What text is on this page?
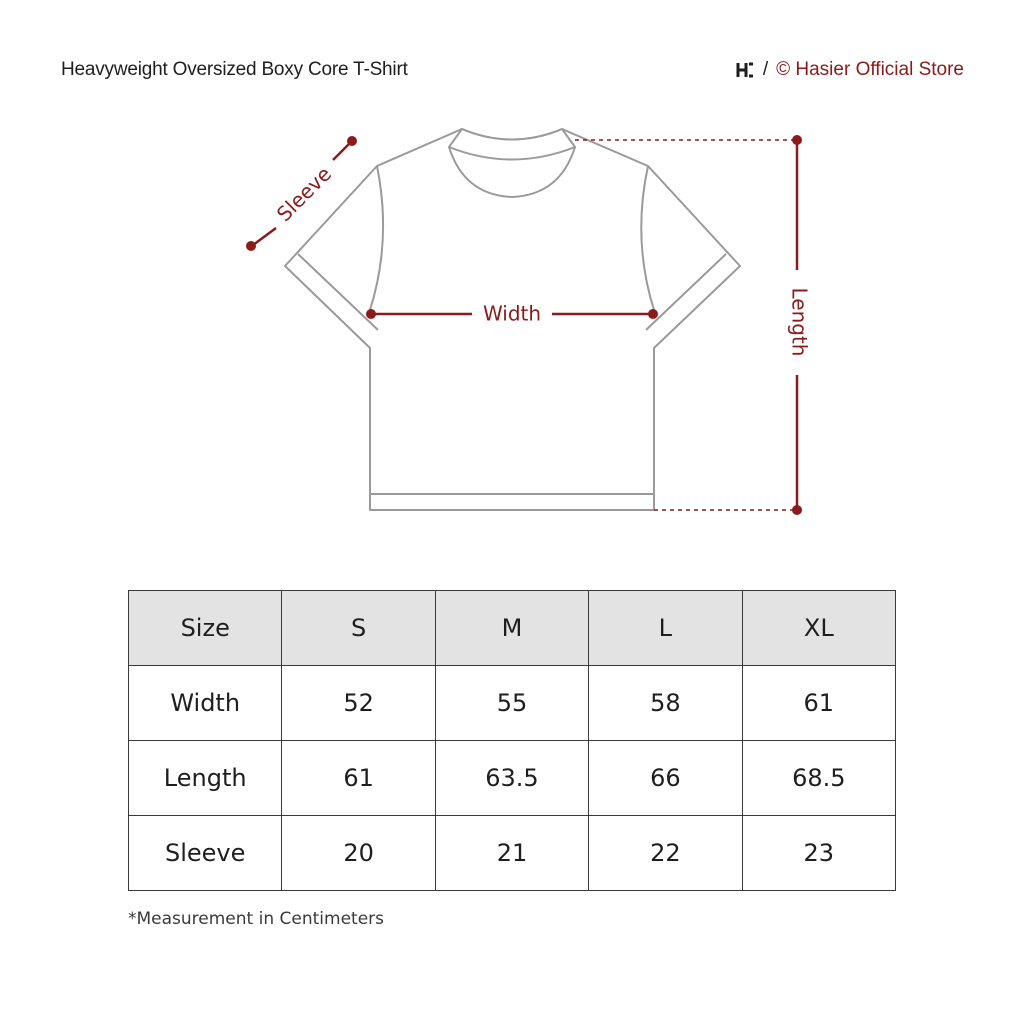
Heavyweight Oversized Boxy Core T-Shirt	/ © Hasier Official Store
Sleeve
Width	Length
Size	S	M	L	XL
Width	52	55	58	61
Length	61	63.5	66	68.5
Sleeve	20	21	22	23
*Measurement in Centimeters
